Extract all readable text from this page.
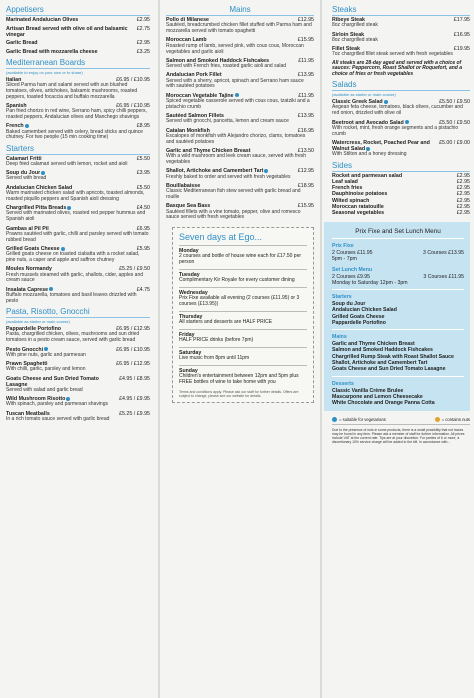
Appetisers
Marinated Andalucian Olives	£2.95
Artisan Bread served with olive oil and balsamic vinegar
£2.75
Garlic Bread	£2.95
Garlic Bread with mozzarella cheese	£3.25
Mediterranean Boards
(available to enjoy on your own or to share)
Italian	£6.95 / £10.95
Sliced Parma ham and salami served with sun blushed tomatoes, olives, artichokes, balsamic mushrooms, roasted peppers, toasted focaccia and buffalo mozzarella
Spanish	£6.95 / £10.95
Pan fried chorizo in red wine, Serrano ham, spicy chilli peppers, roasted peppers, Andalucian olives and Manchego shavings
French	£8.95
Baked camembert served with celery, bread sticks and quince chutney. For two people (15 min cooking time)
Starters
Calamari Fritti	£5.50
Deep fried calamari served with lemon, rocket and aioli
Soup du Jour	£3.95
Served with bread
Andalucian Chicken Salad	£5.50
Warm marinated chicken salad with apricots, toasted almonds, roasted piquillo peppers and Spanish aioli dressing
Chargrilled Pitta Breads	£4.50
Served with marinated olives, roasted red pepper hummus and Spanish aioli
Gambas al Pil Pil	£6.95
Prawns sautéed with garlic, chilli and parsley served with tomato rubbed bread
Grilled Goats Cheese	£5.95
Grilled goats cheese on toasted ciabatta with a rocket salad, pine nuts, a caper and apple and saffron chutney
Moules Normandy	£5.25 / £9.50
Fresh mussels steamed with garlic, shallots, cider, apples and cream sauce
Insalata Caprese	£4.75
Buffalo mozzarella, tomatoes and basil leaves drizzled with pesto
Pasta, Risotto, Gnocchi
(available as starter or main course)
Pappardelle Portofino	£6.95 / £12.95
Pasta, chargrilled chicken, olives, mushrooms and sun dried tomatoes in a pesto cream sauce, served with garlic bread
Pesto Gnocchi	£6.95 / £10.95
With pine nuts, garlic and parmesan
Prawn Spaghetti	£6.95 / £12.95
With chilli, garlic, parsley and lemon
Goats Cheese and Sun Dried Tomato Lasagne
£4.95 / £8.95
Served with salad and garlic bread
Wild Mushroom Risotto	£4.95 / £9.95
With spinach, parsley and parmesan shavings
Tuscan Meatballs	£5.25 / £9.95
In a rich tomato sauce served with garlic bread
Mains
Pollo di Milanese	£12.95
Sautéed, breadcrumbed chicken fillet stuffed with Parma ham and mozzarella served with tomato spaghetti
Moroccan Lamb	£15.95
Roasted rump of lamb, served pink, with cous cous, Moroccan vegetables and garlic aioli
Salmon and Smoked Haddock Fishcakes	£11.95
Served with French fries, roasted garlic aioli and salad
Andalucian Pork Fillet	£13.95
Served with a sherry, apricot, spinach and Serrano ham sauce with sautéed potatoes
Moroccan Vegetable Tajine	£11.95
Spiced vegetable casserole served with cous cous, tzatziki and a pistachio crumb
Sautéed Salmon Fillets	£13.95
Served with gnocchi, pancetta, lemon and cream sauce
Catalan Monkfish	£16.95
Escalopes of monkfish with Alejandro chorizo, clams, tomatoes and sautéed potatoes
Garlic and Thyme Chicken Breast	£13.50
With a wild mushroom and leek cream sauce, served with fresh vegetables
Shallot, Artichoke and Camembert Tart	£12.95
Freshly baked to order and served with fresh vegetables
Bouillabaisse	£18.95
Classic Mediterranean fish stew served with garlic bread and rouille
Basque Sea Bass	£15.95
Sautéed fillets with a vine tomato, pepper, olive and romesco sauce served with fresh vegetables
Seven days at Ego...
Monday
2 courses and bottle of house wine each for £17.50 per person
Tuesday
Complimentary Kir Royale for every customer dining
Wednesday
Prix Fixe available all evening (2 courses (£11.95) or 3 courses (£13.95))
Thursday
All starters and desserts are HALF PRICE
Friday
HALF PRICE drinks (before 7pm)
Saturday
Live music from 8pm until 11pm
Sunday
Children's entertainment between 12pm and 5pm plus FREE bottles of wine to take home with you
Terms and conditions apply. Please ask our staff for further details. Offers are subject to change, please see our website for details.
Steaks
Ribeye Steak	£17.95
8oz chargrilled steak
Sirloin Steak	£16.95
8oz chargrilled steak
Fillet Steak	£19.95
7oz chargrilled fillet steak served with fresh vegetables
All steaks are 28-day aged and served with a choice of sauces: Peppercorn, Roast Shallot or Roquefort, and a choice of fries or fresh vegetables
Salads
(available as starter or main course)
Classic Greek Salad	£5.50 / £9.50
Aegean feta cheese, tomatoes, black olives, cucumber and red onion, drizzled with olive oil
Beetroot and Avocado Salad	£5.50 / £9.50
With rocket, mint, fresh orange segments and a pistachio crumb
Watercress, Rocket, Poached Pear and Walnut Salad
£5.00 / £9.00
With Stilton and a honey dressing
Sides
Rocket and parmesan salad	£2.95
Leaf salad	£2.95
French fries	£2.95
Dauphinoise potatoes	£2.95
Wilted spinach	£2.95
Moroccan ratatouille	£2.95
Seasonal vegetables	£2.95
Prix Fixe and Set Lunch Menu
Prix Fixe
2 Courses £11.95	3 Courses £13.95
5pm - 7pm
Set Lunch Menu
2 Courses £9.95	3 Courses £11.95
Monday to Saturday 12pm - 3pm
Starters
Soup du Jour
Andalucian Chicken Salad
Grilled Goats Cheese
Pappardelle Portofino
Mains
Garlic and Thyme Chicken Breast
Salmon and Smoked Haddock Fishcakes
Chargrilled Rump Steak with Roast Shallot Sauce
Shallot, Artichoke and Camembert Tart
Goats Cheese and Sun Dried Tomato Lasagne
Desserts
Classic Vanilla Crème Brulee
Mascarpone and Lemon Cheesecake
White Chocolate and Orange Panna Cotta
= suitable for vegetarians	= contains nuts
Due to the presence of nuts in some products, there is a small possibility that nut traces may be found in any item. Please ask a member of staff for further information. All prices include VAT at the current rate. Tips are at your discretion. For parties of 6 or more, a discretionary 10% service charge will be added to the bill. In accordance with...
